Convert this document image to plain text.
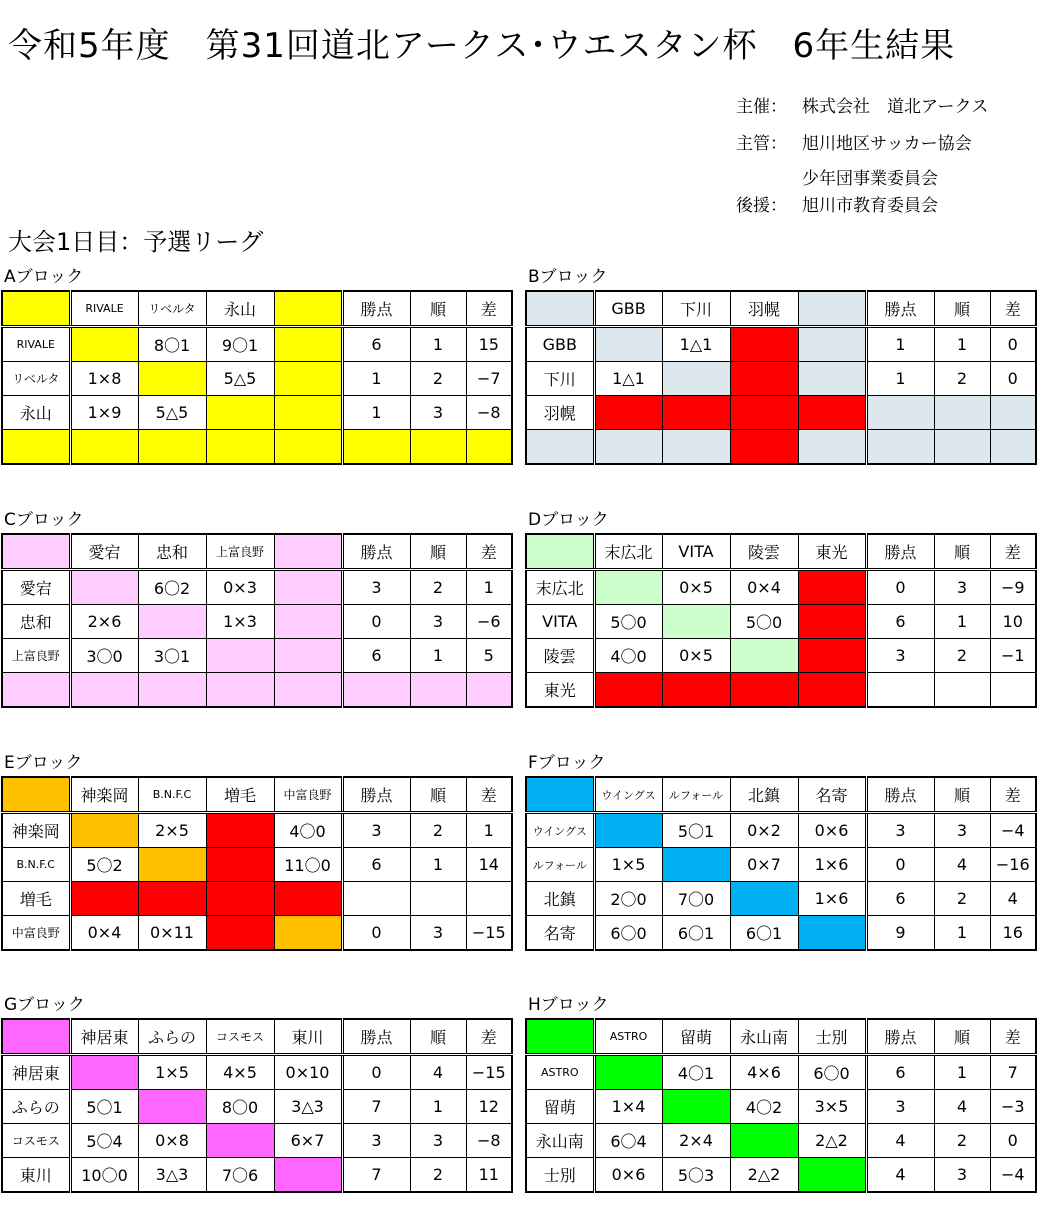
令和5年度　第31回道北アークス･ウエスタン杯　6年生結果
主催： 株式会社　道北アークス
主管： 旭川地区サッカー協会
少年団事業委員会
後援： 旭川市教育委員会
大会1日目：予選リーグ
Aブロック
	RIVALE	リベルタ	永山		勝点	順	差
RIVALE		8〇1	9〇1		6	1	15
リベルタ	1×8		5△5		1	2	−7
永山	1×9	5△5			1	3	−8

Bブロック
	GBB	下川	羽幌		勝点	順	差
GBB		1△1			1	1	0
下川	1△1				1	2	0
羽幌							

Cブロック
	愛宕	忠和	上富良野		勝点	順	差
愛宕		6〇2	0×3		3	2	1
忠和	2×6		1×3		0	3	−6
上富良野	3〇0	3〇1			6	1	5

Dブロック
	末広北	VITA	陵雲	東光	勝点	順	差
末広北		0×5	0×4		0	3	−9
VITA	5〇0		5〇0		6	1	10
陵雲	4〇0	0×5			3	2	−1
東光							
Eブロック
	神楽岡	B.N.F.C	増毛	中富良野	勝点	順	差
神楽岡		2×5		4〇0	3	2	1
B.N.F.C	5〇2			11〇0	6	1	14
増毛							
中富良野	0×4	0×11			0	3	−15
Fブロック
	ウイングス	ルフォール	北鎮	名寄	勝点	順	差
ウイングス		5〇1	0×2	0×6	3	3	−4
ルフォール	1×5		0×7	1×6	0	4	−16
北鎮	2〇0	7〇0		1×6	6	2	4
名寄	6〇0	6〇1	6〇1		9	1	16
Gブロック
	神居東	ふらの	コスモス	東川	勝点	順	差
神居東		1×5	4×5	0×10	0	4	−15
ふらの	5〇1		8〇0	3△3	7	1	12
コスモス	5〇4	0×8		6×7	3	3	−8
東川	10〇0	3△3	7〇6		7	2	11
Hブロック
	ASTRO	留萌	永山南	士別	勝点	順	差
ASTRO		4〇1	4×6	6〇0	6	1	7
留萌	1×4		4〇2	3×5	3	4	−3
永山南	6〇4	2×4		2△2	4	2	0
士別	0×6	5〇3	2△2		4	3	−4
